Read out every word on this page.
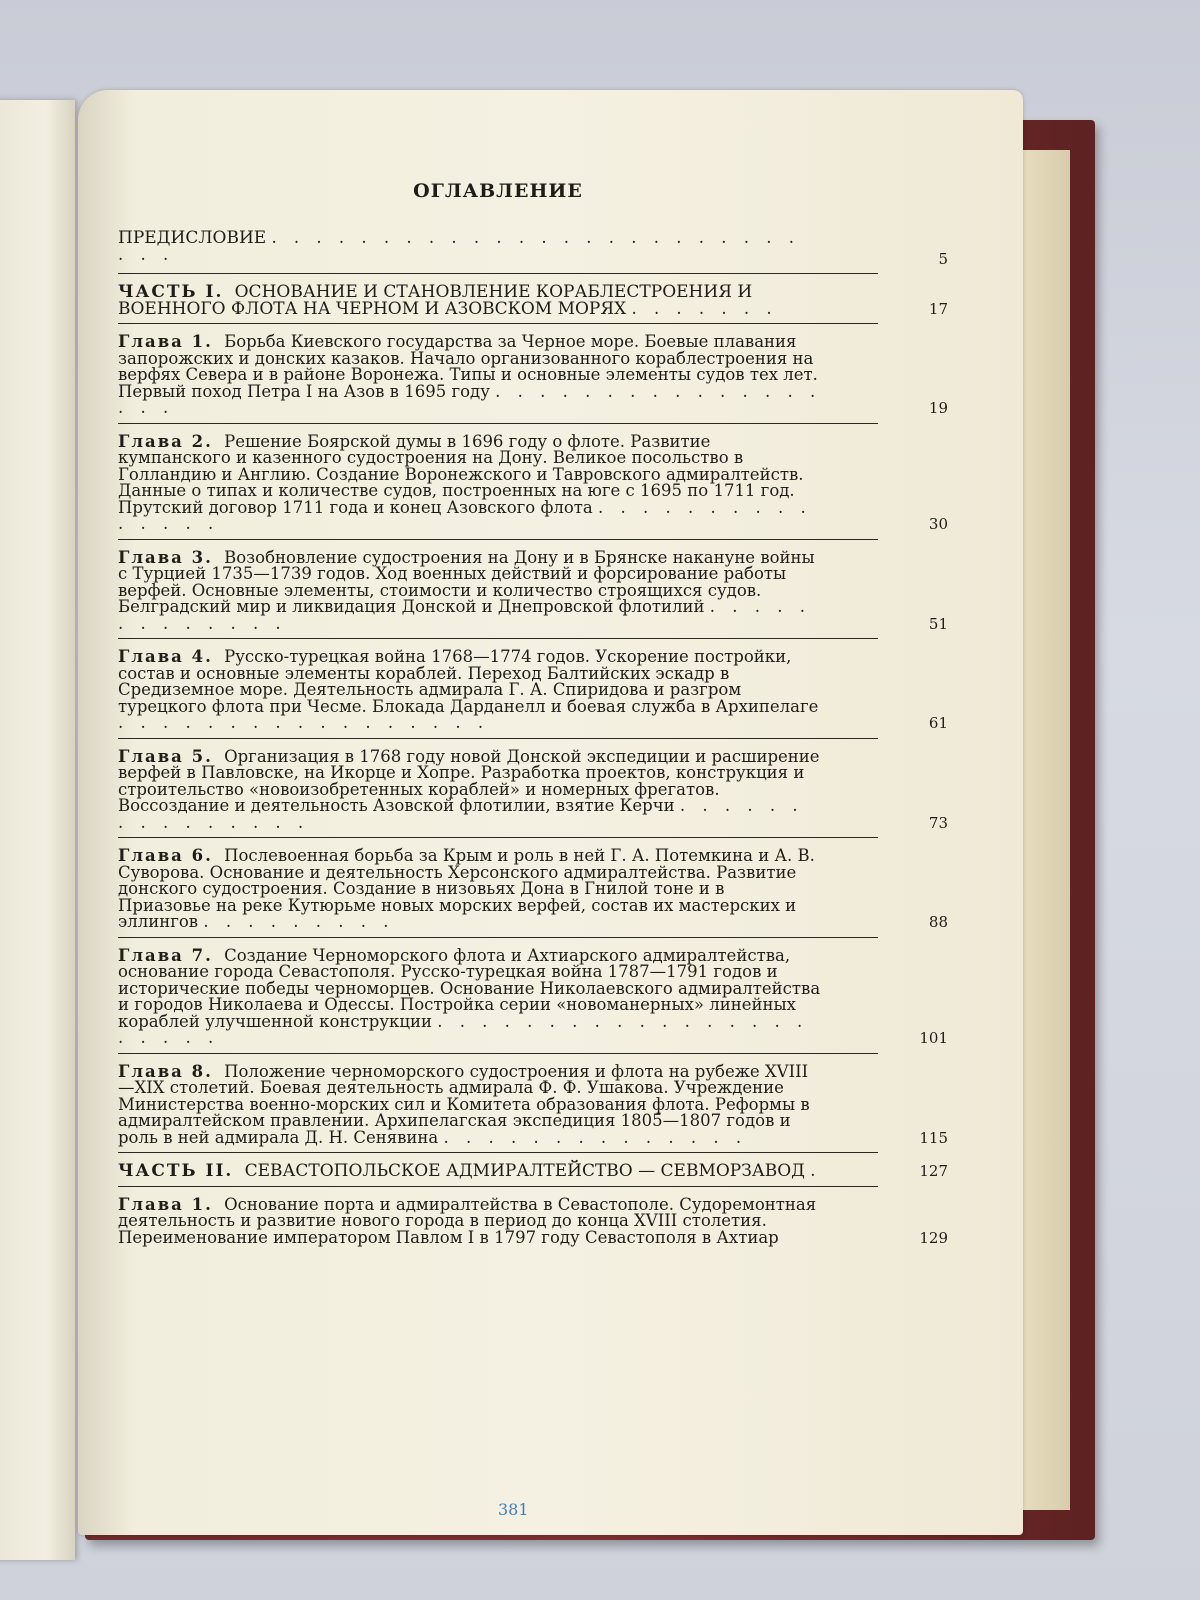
ОГЛАВЛЕНИЕ
ПРЕДИСЛОВИЕ . . . . . . . . . . . . . . . . . . . . . . . . . . .	5
ЧАСТЬ I. ОСНОВАНИЕ И СТАНОВЛЕНИЕ КОРАБЛЕСТРОЕНИЯ И ВОЕННОГО ФЛОТА НА ЧЕРНОМ И АЗОВСКОМ МОРЯХ . . . . . . .	17
Глава 1. Борьба Киевского государства за Черное море. Боевые плавания запорожских и донских казаков. Начало организованного кораблестроения на верфях Севера и в районе Воронежа. Типы и основные элементы судов тех лет. Первый поход Петра I на Азов в 1695 году . . . . . . . . . . . . . . . . . .	19
Глава 2. Решение Боярской думы в 1696 году о флоте. Развитие кумпанского и казенного судостроения на Дону. Великое посольство в Голландию и Англию. Создание Воронежского и Тавровского адмиралтейств. Данные о типах и количестве судов, построенных на юге с 1695 по 1711 год. Прутский договор 1711 года и конец Азовского флота . . . . . . . . . . . . . . .	30
Глава 3. Возобновление судостроения на Дону и в Брянске накануне войны с Турцией 1735—1739 годов. Ход военных действий и форсирование работы верфей. Основные элементы, стоимости и количество строящихся судов. Белградский мир и ликвидация Донской и Днепровской флотилий . . . . . . . . . . . . .	51
Глава 4. Русско-турецкая война 1768—1774 годов. Ускорение постройки, состав и основные элементы кораблей. Переход Балтийских эскадр в Средиземное море. Деятельность адмирала Г. А. Спиридова и разгром турецкого флота при Чесме. Блокада Дарданелл и боевая служба в Архипелаге . . . . . . . . . . . . . . . . .	61
Глава 5. Организация в 1768 году новой Донской экспедиции и расширение верфей в Павловске, на Икорце и Хопре. Разработка проектов, конструкция и строительство «новоизобретенных кораблей» и номерных фрегатов. Воссоздание и деятельность Азовской флотилии, взятие Керчи . . . . . . . . . . . . . . .	73
Глава 6. Послевоенная борьба за Крым и роль в ней Г. А. Потемкина и А. В. Суворова. Основание и деятельность Херсонского адмиралтейства. Развитие донского судостроения. Создание в низовьях Дона в Гнилой тоне и в Приазовье на реке Кутюрьме новых морских верфей, состав их мастерских и эллингов . . . . . . . . .	88
Глава 7. Создание Черноморского флота и Ахтиарского адмиралтейства, основание города Севастополя. Русско-турецкая война 1787—1791 годов и исторические победы черноморцев. Основание Николаевского адмиралтейства и городов Николаева и Одессы. Постройка серии «новоманерных» линейных кораблей улучшенной конструкции . . . . . . . . . . . . . . . . . . . . . .	101
Глава 8. Положение черноморского судостроения и флота на рубеже XVIII—XIX столетий. Боевая деятельность адмирала Ф. Ф. Ушакова. Учреждение Министерства военно-морских сил и Комитета образования флота. Реформы в адмиралтейском правлении. Архипелагская экспедиция 1805—1807 годов и роль в ней адмирала Д. Н. Сенявина . . . . . . . . . . . . . .	115
ЧАСТЬ II. СЕВАСТОПОЛЬСКОЕ АДМИРАЛТЕЙСТВО — СЕВМОРЗАВОД .	127
Глава 1. Основание порта и адмиралтейства в Севастополе. Судоремонтная деятельность и развитие нового города в период до конца XVIII столетия. Переименование императором Павлом I в 1797 году Севастополя в Ахтиар	129
381
